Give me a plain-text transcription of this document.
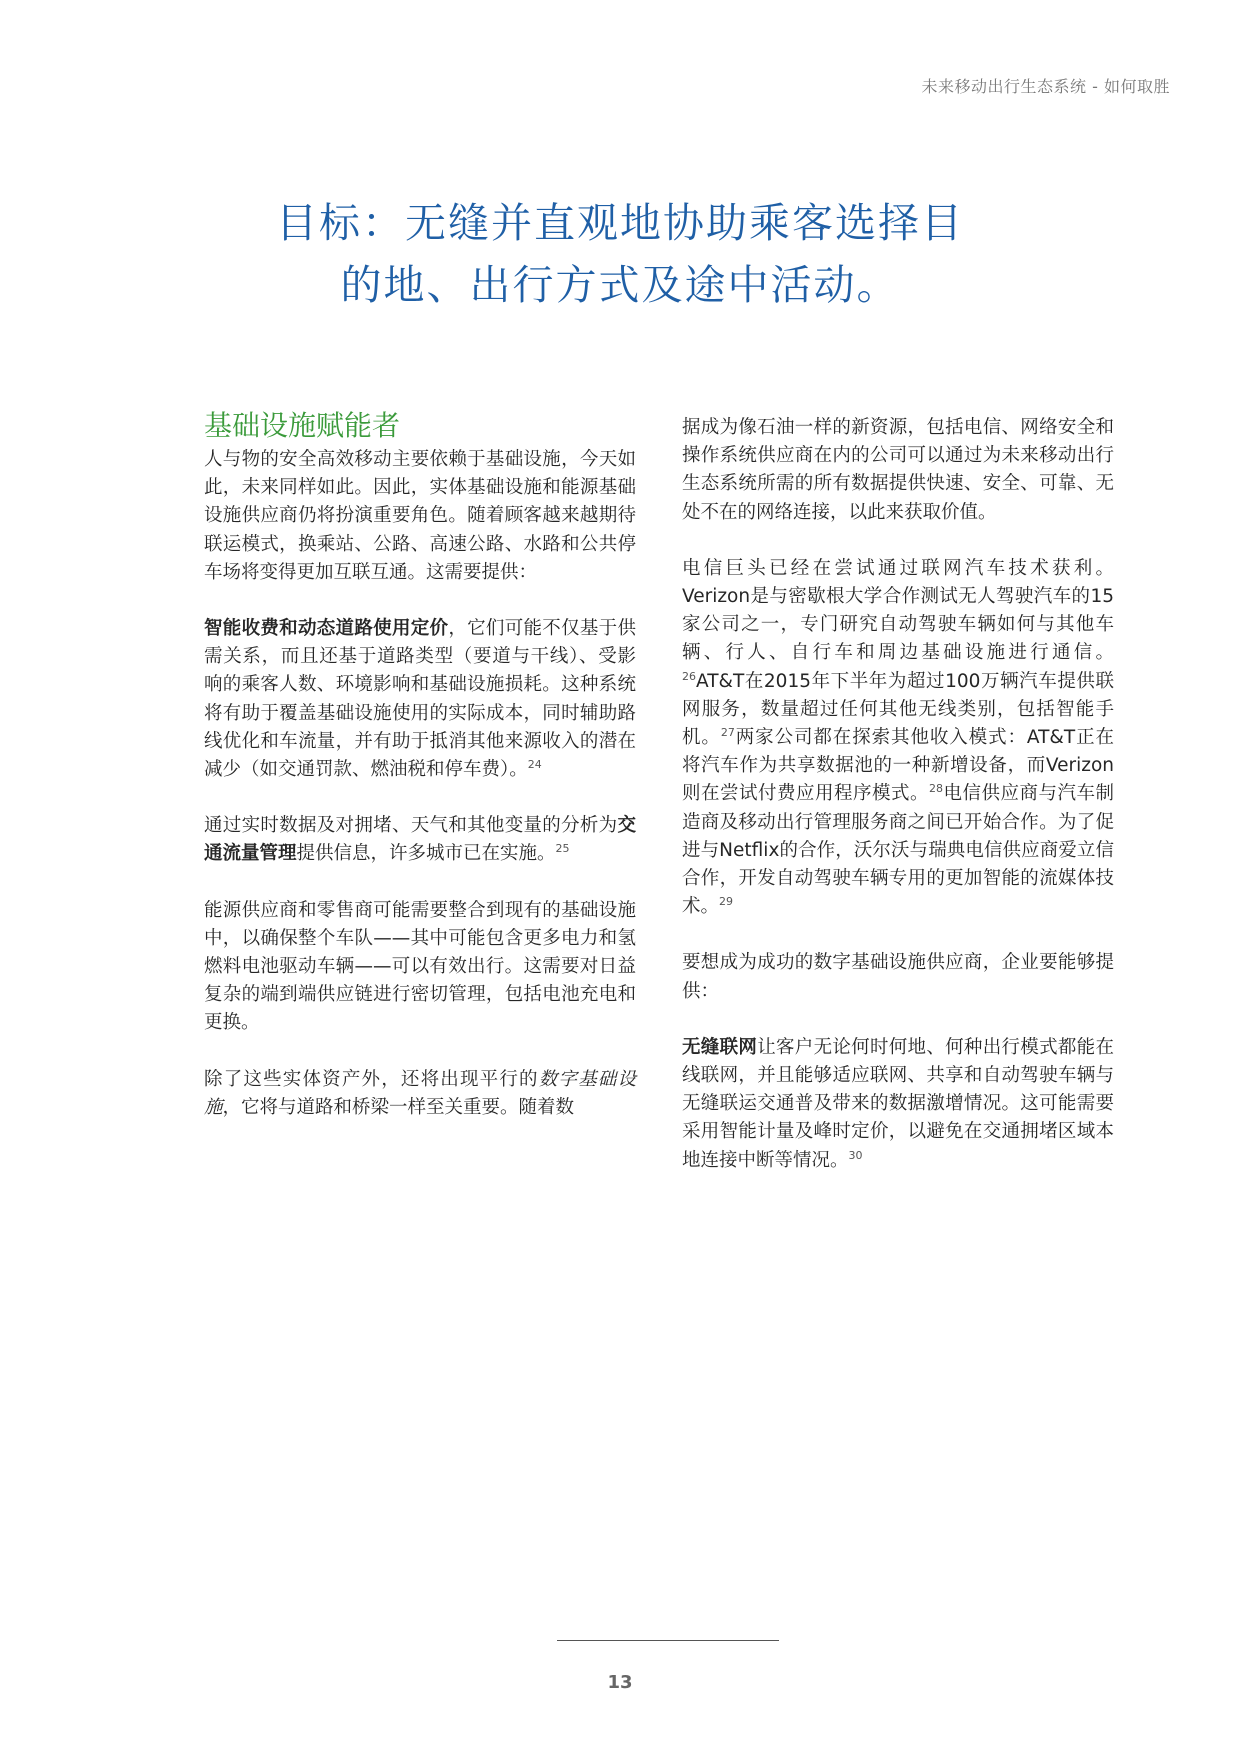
未来移动出行生态系统 - 如何取胜
目标：无缝并直观地协助乘客选择目
的地、出行方式及途中活动。
基础设施赋能者

人与物的安全高效移动主要依赖于基础设施，今天如此，未来同样如此。因此，实体基础设施和能源基础设施供应商仍将扮演重要角色。随着顾客越来越期待联运模式，换乘站、公路、高速公路、水路和公共停车场将变得更加互联互通。这需要提供：

智能收费和动态道路使用定价，它们可能不仅基于供需关系，而且还基于道路类型（要道与干线）、受影响的乘客人数、环境影响和基础设施损耗。这种系统将有助于覆盖基础设施使用的实际成本，同时辅助路线优化和车流量，并有助于抵消其他来源收入的潜在减少（如交通罚款、燃油税和停车费）。$^{24}$

通过实时数据及对拥堵、天气和其他变量的分析为交通流量管理提供信息，许多城市已在实施。$^{25}$

能源供应商和零售商可能需要整合到现有的基础设施中，以确保整个车队——其中可能包含更多电力和氢燃料电池驱动车辆——可以有效出行。这需要对日益复杂的端到端供应链进行密切管理，包括电池充电和更换。

除了这些实体资产外，还将出现平行的数字基础设施，它将与道路和桥梁一样至关重要。随着数

据成为像石油一样的新资源，包括电信、网络安全和操作系统供应商在内的公司可以通过为未来移动出行生态系统所需的所有数据提供快速、安全、可靠、无处不在的网络连接，以此来获取价值。

电信巨头已经在尝试通过联网汽车技术获利。Verizon是与密歇根大学合作测试无人驾驶汽车的15家公司之一，专门研究自动驾驶车辆如何与其他车辆、行人、自行车和周边基础设施进行通信。$^{26}$AT&T在2015年下半年为超过100万辆汽车提供联网服务，数量超过任何其他无线类别，包括智能手机。$^{27}$两家公司都在探索其他收入模式：AT&T正在将汽车作为共享数据池的一种新增设备，而Verizon则在尝试付费应用程序模式。$^{28}$电信供应商与汽车制造商及移动出行管理服务商之间已开始合作。为了促进与Netflix的合作，沃尔沃与瑞典电信供应商爱立信合作，开发自动驾驶车辆专用的更加智能的流媒体技术。$^{29}$

要想成为成功的数字基础设施供应商，企业要能够提供：

无缝联网让客户无论何时何地、何种出行模式都能在线联网，并且能够适应联网、共享和自动驾驶车辆与无缝联运交通普及带来的数据激增情况。这可能需要采用智能计量及峰时定价，以避免在交通拥堵区域本地连接中断等情况。$^{30}$

13
